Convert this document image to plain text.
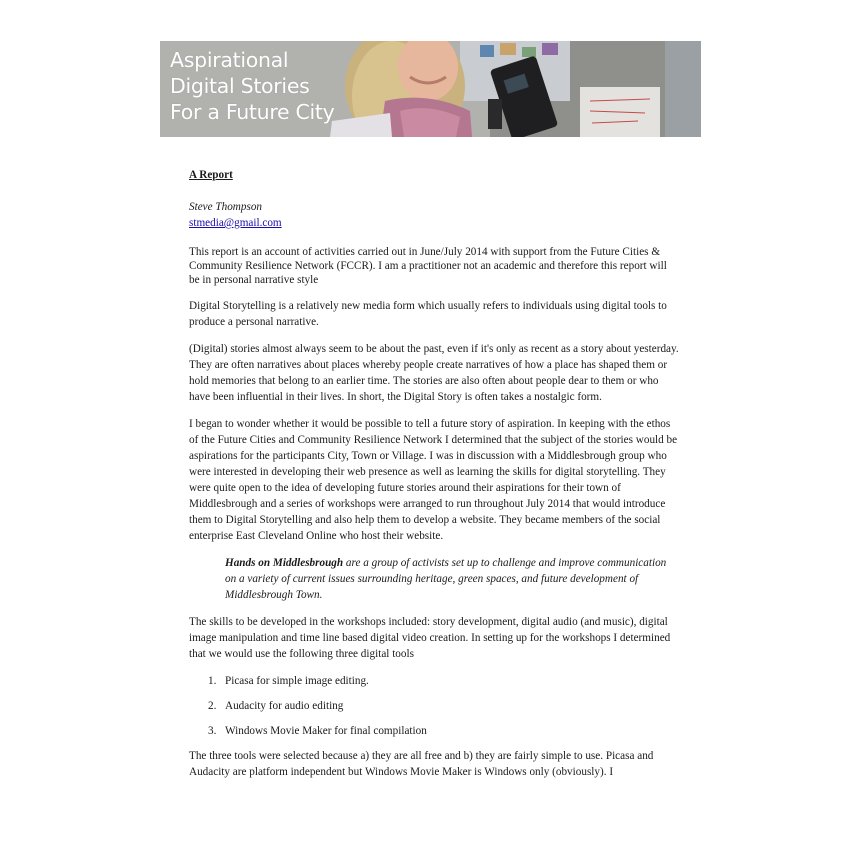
Aspirational
Digital Stories
For a Future City
A Report
Steve Thompson
stmedia@gmail.com

This report is an account of activities carried out in June/July 2014 with support from the Future Cities & Community Resilience Network (FCCR). I am a practitioner not an academic and therefore this report will be in personal narrative style

Digital Storytelling is a relatively new media form which usually refers to individuals using digital tools to produce a personal narrative.

(Digital) stories almost always seem to be about the past, even if it's only as recent as a story about yesterday. They are often narratives about places whereby people create narratives of how a place has shaped them or hold memories that belong to an earlier time. The stories are also often about people dear to them or who have been influential in their lives. In short, the Digital Story is often takes a nostalgic form.

I began to wonder whether it would be possible to tell a future story of aspiration. In keeping with the ethos of the Future Cities and Community Resilience Network I determined that the subject of the stories would be aspirations for the participants City, Town or Village. I was in discussion with a Middlesbrough group who were interested in developing their web presence as well as learning the skills for digital storytelling. They were quite open to the idea of developing future stories around their aspirations for their town of Middlesbrough and a series of workshops were arranged to run throughout July 2014 that would introduce them to Digital Storytelling and also help them to develop a website. They became members of the social enterprise East Cleveland Online who host their website.

Hands on Middlesbrough are a group of activists set up to challenge and improve communication on a variety of current issues surrounding heritage, green spaces, and future development of Middlesbrough Town.

The skills to be developed in the workshops included: story development, digital audio (and music), digital image manipulation and time line based digital video creation. In setting up for the workshops I determined that we would use the following three digital tools

1. Picasa for simple image editing.
2. Audacity for audio editing
3. Windows Movie Maker for final compilation

The three tools were selected because a) they are all free and b) they are fairly simple to use. Picasa and Audacity are platform independent but Windows Movie Maker is Windows only (obviously). I
